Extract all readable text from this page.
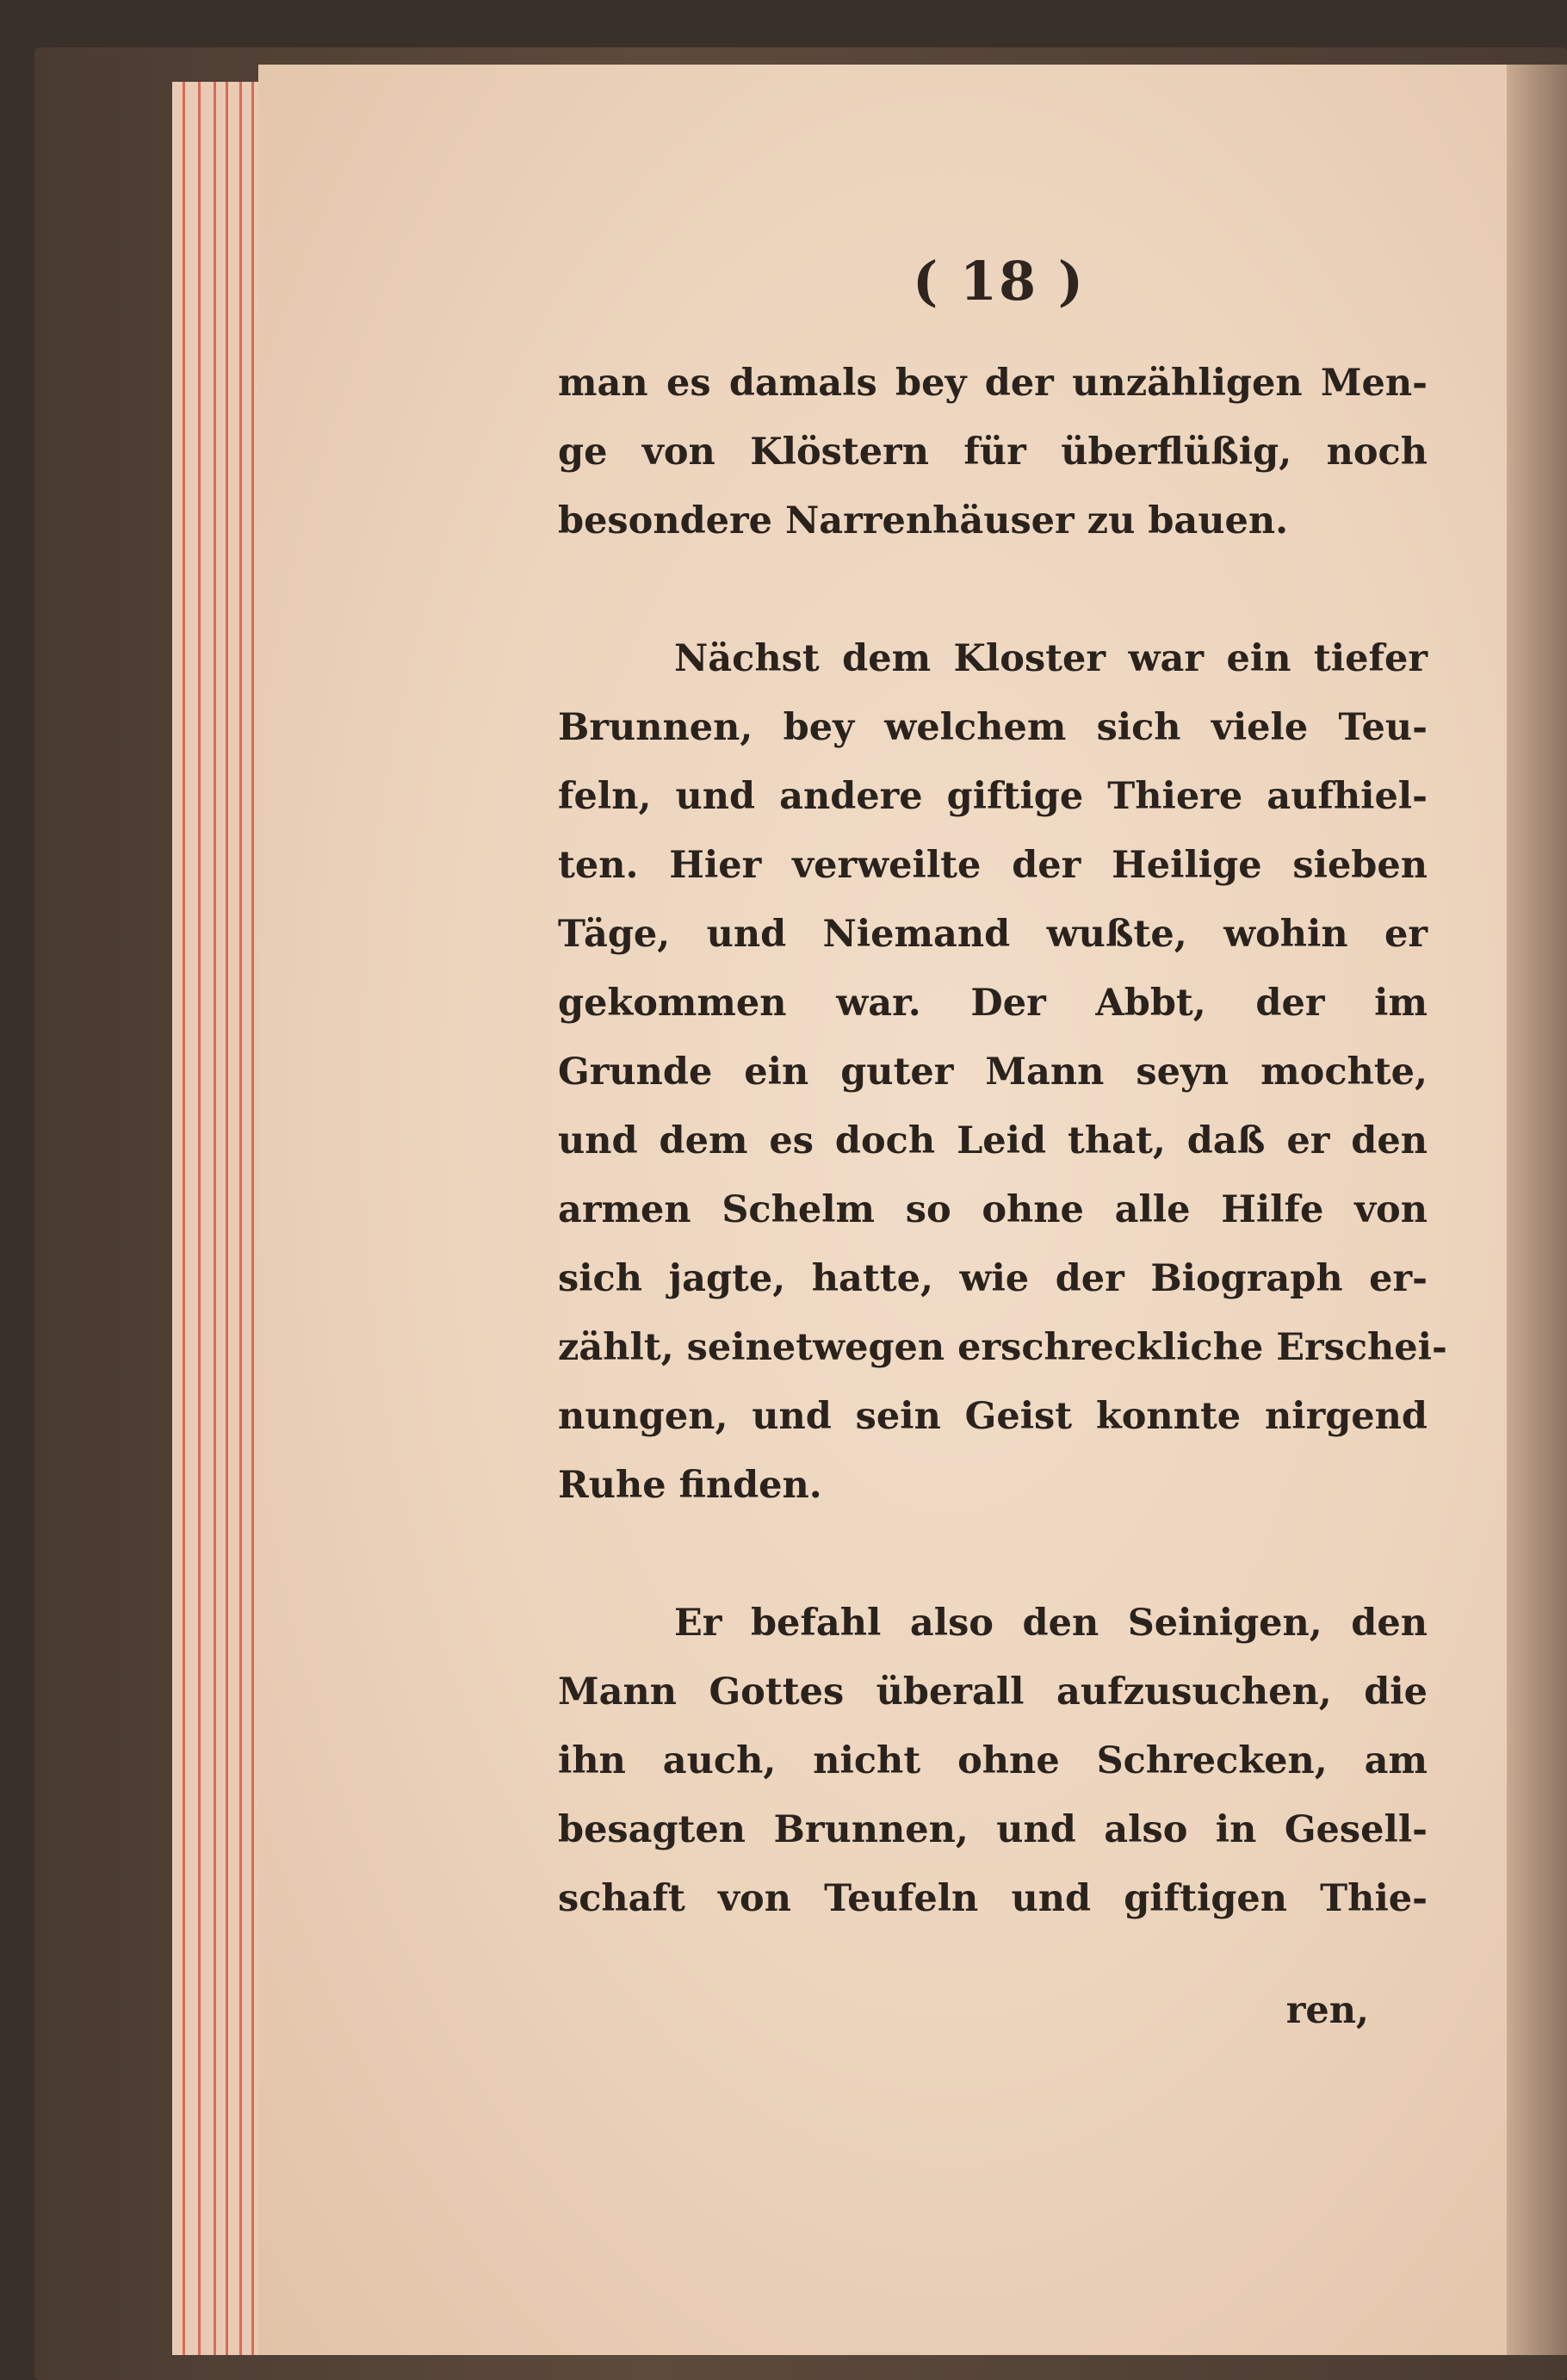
( 18 )
man es damals bey der unzähligen Men-
ge von Klöstern für überflüßig, noch
besondere Narrenhäuser zu bauen.
Nächst dem Kloster war ein tiefer
Brunnen, bey welchem sich viele Teu-
feln, und andere giftige Thiere aufhiel-
ten. Hier verweilte der Heilige sieben
Täge, und Niemand wußte, wohin er
gekommen war. Der Abbt, der im
Grunde ein guter Mann seyn mochte,
und dem es doch Leid that, daß er den
armen Schelm so ohne alle Hilfe von
sich jagte, hatte, wie der Biograph er-
zählt, seinetwegen erschreckliche Erschei-
nungen, und sein Geist konnte nirgend
Ruhe finden.
Er befahl also den Seinigen, den
Mann Gottes überall aufzusuchen, die
ihn auch, nicht ohne Schrecken, am
besagten Brunnen, und also in Gesell-
schaft von Teufeln und giftigen Thie-
ren,
